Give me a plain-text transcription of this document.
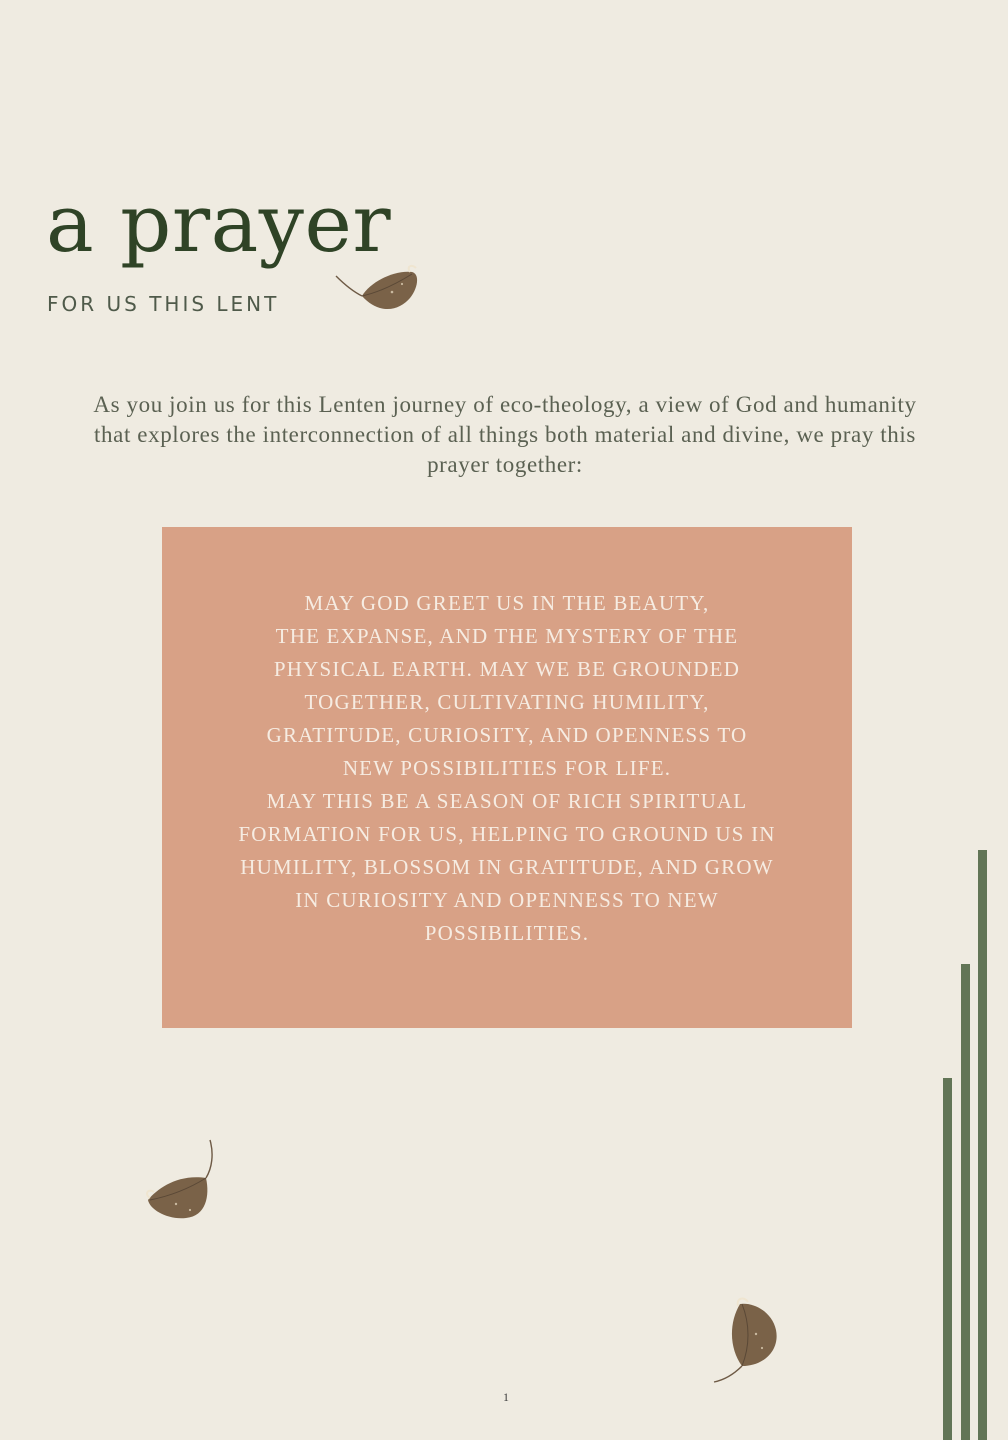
a prayer

FOR US THIS LENT

As you join us for this Lenten journey of eco-theology, a view of God and humanity that explores the interconnection of all things both material and divine, we pray this prayer together:

MAY GOD GREET US IN THE BEAUTY,
THE EXPANSE, AND THE MYSTERY OF THE
PHYSICAL EARTH. MAY WE BE GROUNDED
TOGETHER, CULTIVATING HUMILITY,
GRATITUDE, CURIOSITY, AND OPENNESS TO
NEW POSSIBILITIES FOR LIFE.
MAY THIS BE A SEASON OF RICH SPIRITUAL
FORMATION FOR US, HELPING TO GROUND US IN
HUMILITY, BLOSSOM IN GRATITUDE, AND GROW
IN CURIOSITY AND OPENNESS TO NEW
POSSIBILITIES.

1
